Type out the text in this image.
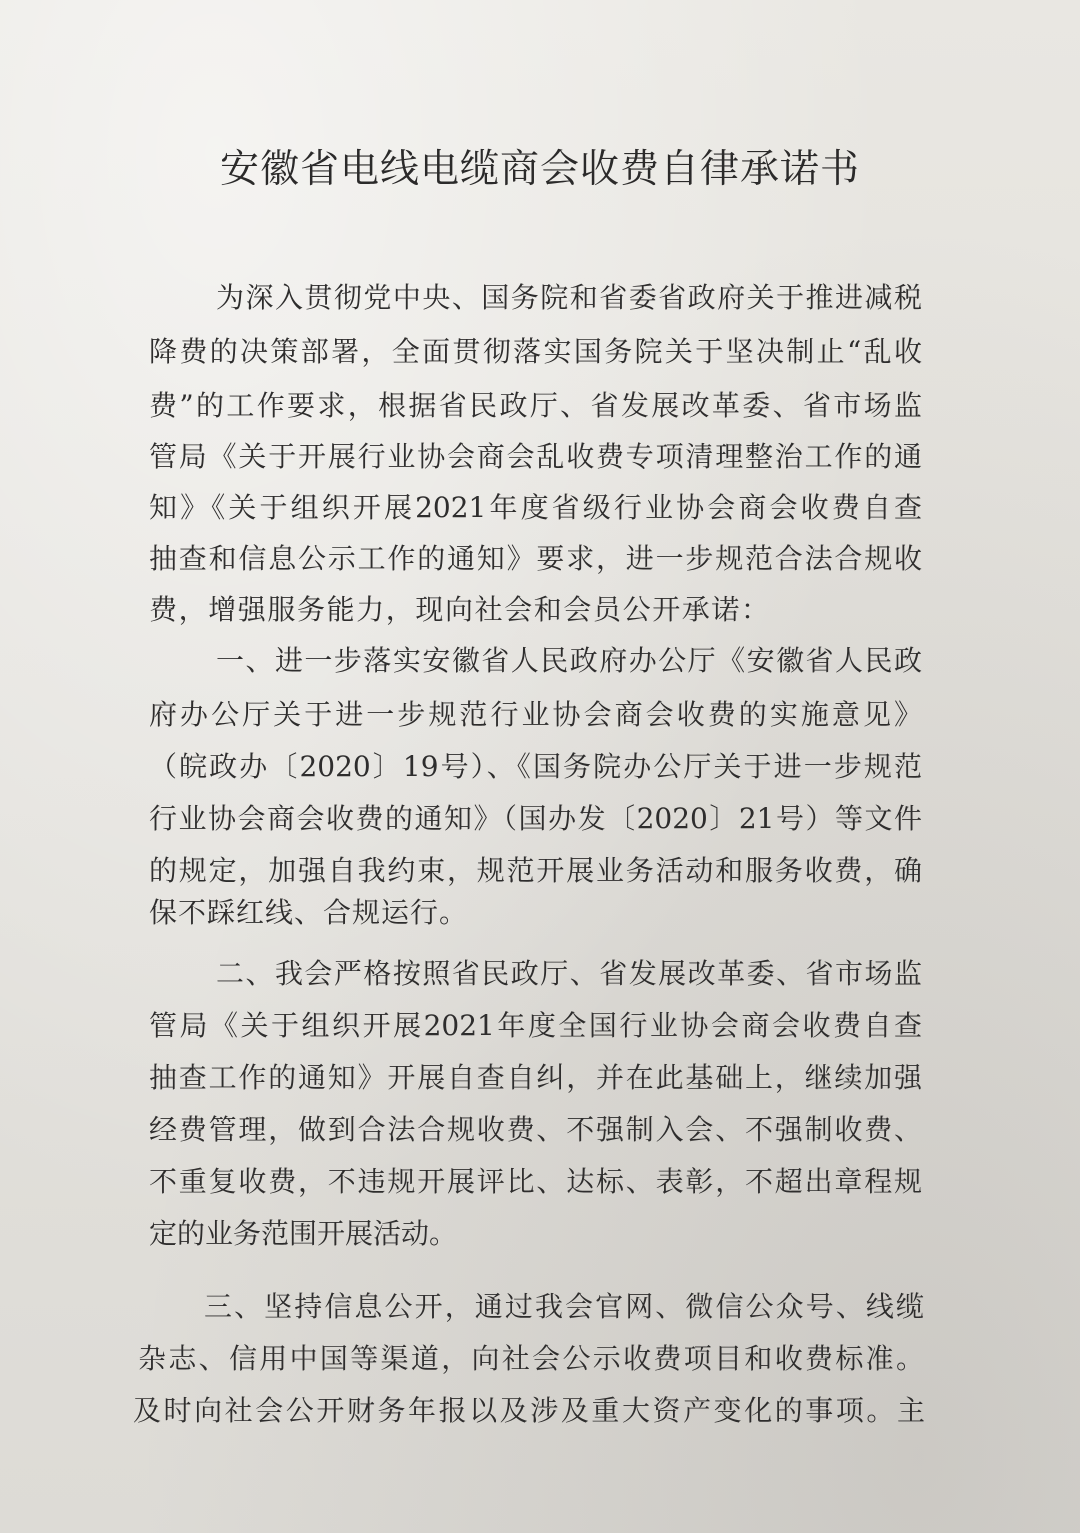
安徽省电线电缆商会收费自律承诺书
为深入贯彻党中央、国务院和省委省政府关于推进减税
降费的决策部署，全面贯彻落实国务院关于坚决制止“乱收
费”的工作要求，根据省民政厅、省发展改革委、省市场监
管局《关于开展行业协会商会乱收费专项清理整治工作的通
知》《关于组织开展2021年度省级行业协会商会收费自查
抽查和信息公示工作的通知》要求，进一步规范合法合规收
费，增强服务能力，现向社会和会员公开承诺：
一、进一步落实安徽省人民政府办公厅《安徽省人民政
府办公厅关于进一步规范行业协会商会收费的实施意见》
（皖政办〔2020〕19号）、《国务院办公厅关于进一步规范
行业协会商会收费的通知》（国办发〔2020〕21号）等文件
的规定，加强自我约束，规范开展业务活动和服务收费，确
保不踩红线、合规运行。
二、我会严格按照省民政厅、省发展改革委、省市场监
管局《关于组织开展2021年度全国行业协会商会收费自查
抽查工作的通知》开展自查自纠，并在此基础上，继续加强
经费管理，做到合法合规收费、不强制入会、不强制收费、
不重复收费，不违规开展评比、达标、表彰，不超出章程规
定的业务范围开展活动。
三、坚持信息公开，通过我会官网、微信公众号、线缆
杂志、信用中国等渠道，向社会公示收费项目和收费标准。
及时向社会公开财务年报以及涉及重大资产变化的事项。主
